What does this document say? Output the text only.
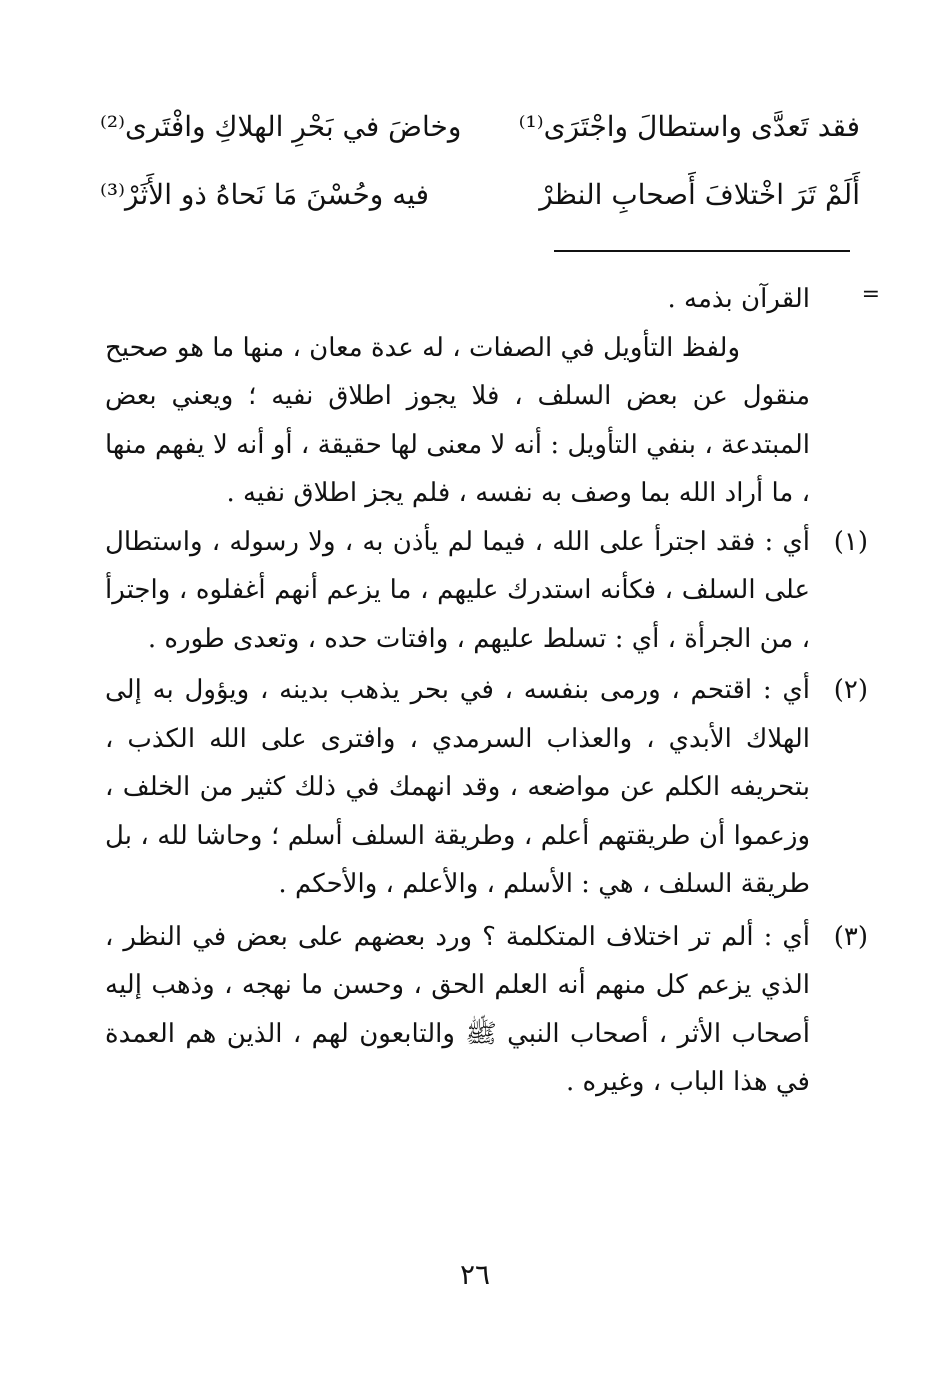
فقد تَعدَّى واستطالَ واجْتَرَى⁽¹⁾
وخاضَ في بَحْرِ الهلاكِ وافْتَرى⁽²⁾
أَلَمْ تَرَ اخْتلافَ أَصحابِ النظرْ
فيه وحُسْنَ مَا نَحاهُ ذو الأَثَرْ⁽³⁾
=

القرآن بذمه .

ولفظ التأويل في الصفات ، له عدة معان ، منها ما هو صحيح منقول عن بعض السلف ، فلا يجوز اطلاق نفيه ؛ ويعني بعض المبتدعة ، بنفي التأويل : أنه لا معنى لها حقيقة ، أو أنه لا يفهم منها ، ما أراد الله بما وصف به نفسه ، فلم يجز اطلاق نفيه .

(١)
أي : فقد اجترأ على الله ، فيما لم يأذن به ، ولا رسوله ، واستطال على السلف ، فكأنه استدرك عليهم ، ما يزعم أنهم أغفلوه ، واجترأ ، من الجرأة ، أي : تسلط عليهم ، وافتات حده ، وتعدى طوره .
(٢)
أي : اقتحم ، ورمى بنفسه ، في بحر يذهب بدينه ، ويؤول به إلى الهلاك الأبدي ، والعذاب السرمدي ، وافترى على الله الكذب ، بتحريفه الكلم عن مواضعه ، وقد انهمك في ذلك كثير من الخلف ، وزعموا أن طريقتهم أعلم ، وطريقة السلف أسلم ؛ وحاشا لله ، بل طريقة السلف ، هي : الأسلم ، والأعلم ، والأحكم .
(٣)
أي : ألم تر اختلاف المتكلمة ؟ ورد بعضهم على بعض في النظر ، الذي يزعم كل منهم أنه العلم الحق ، وحسن ما نهجه ، وذهب إليه أصحاب الأثر ، أصحاب النبي ﷺ والتابعون لهم ، الذين هم العمدة في هذا الباب ، وغيره .
٢٦
